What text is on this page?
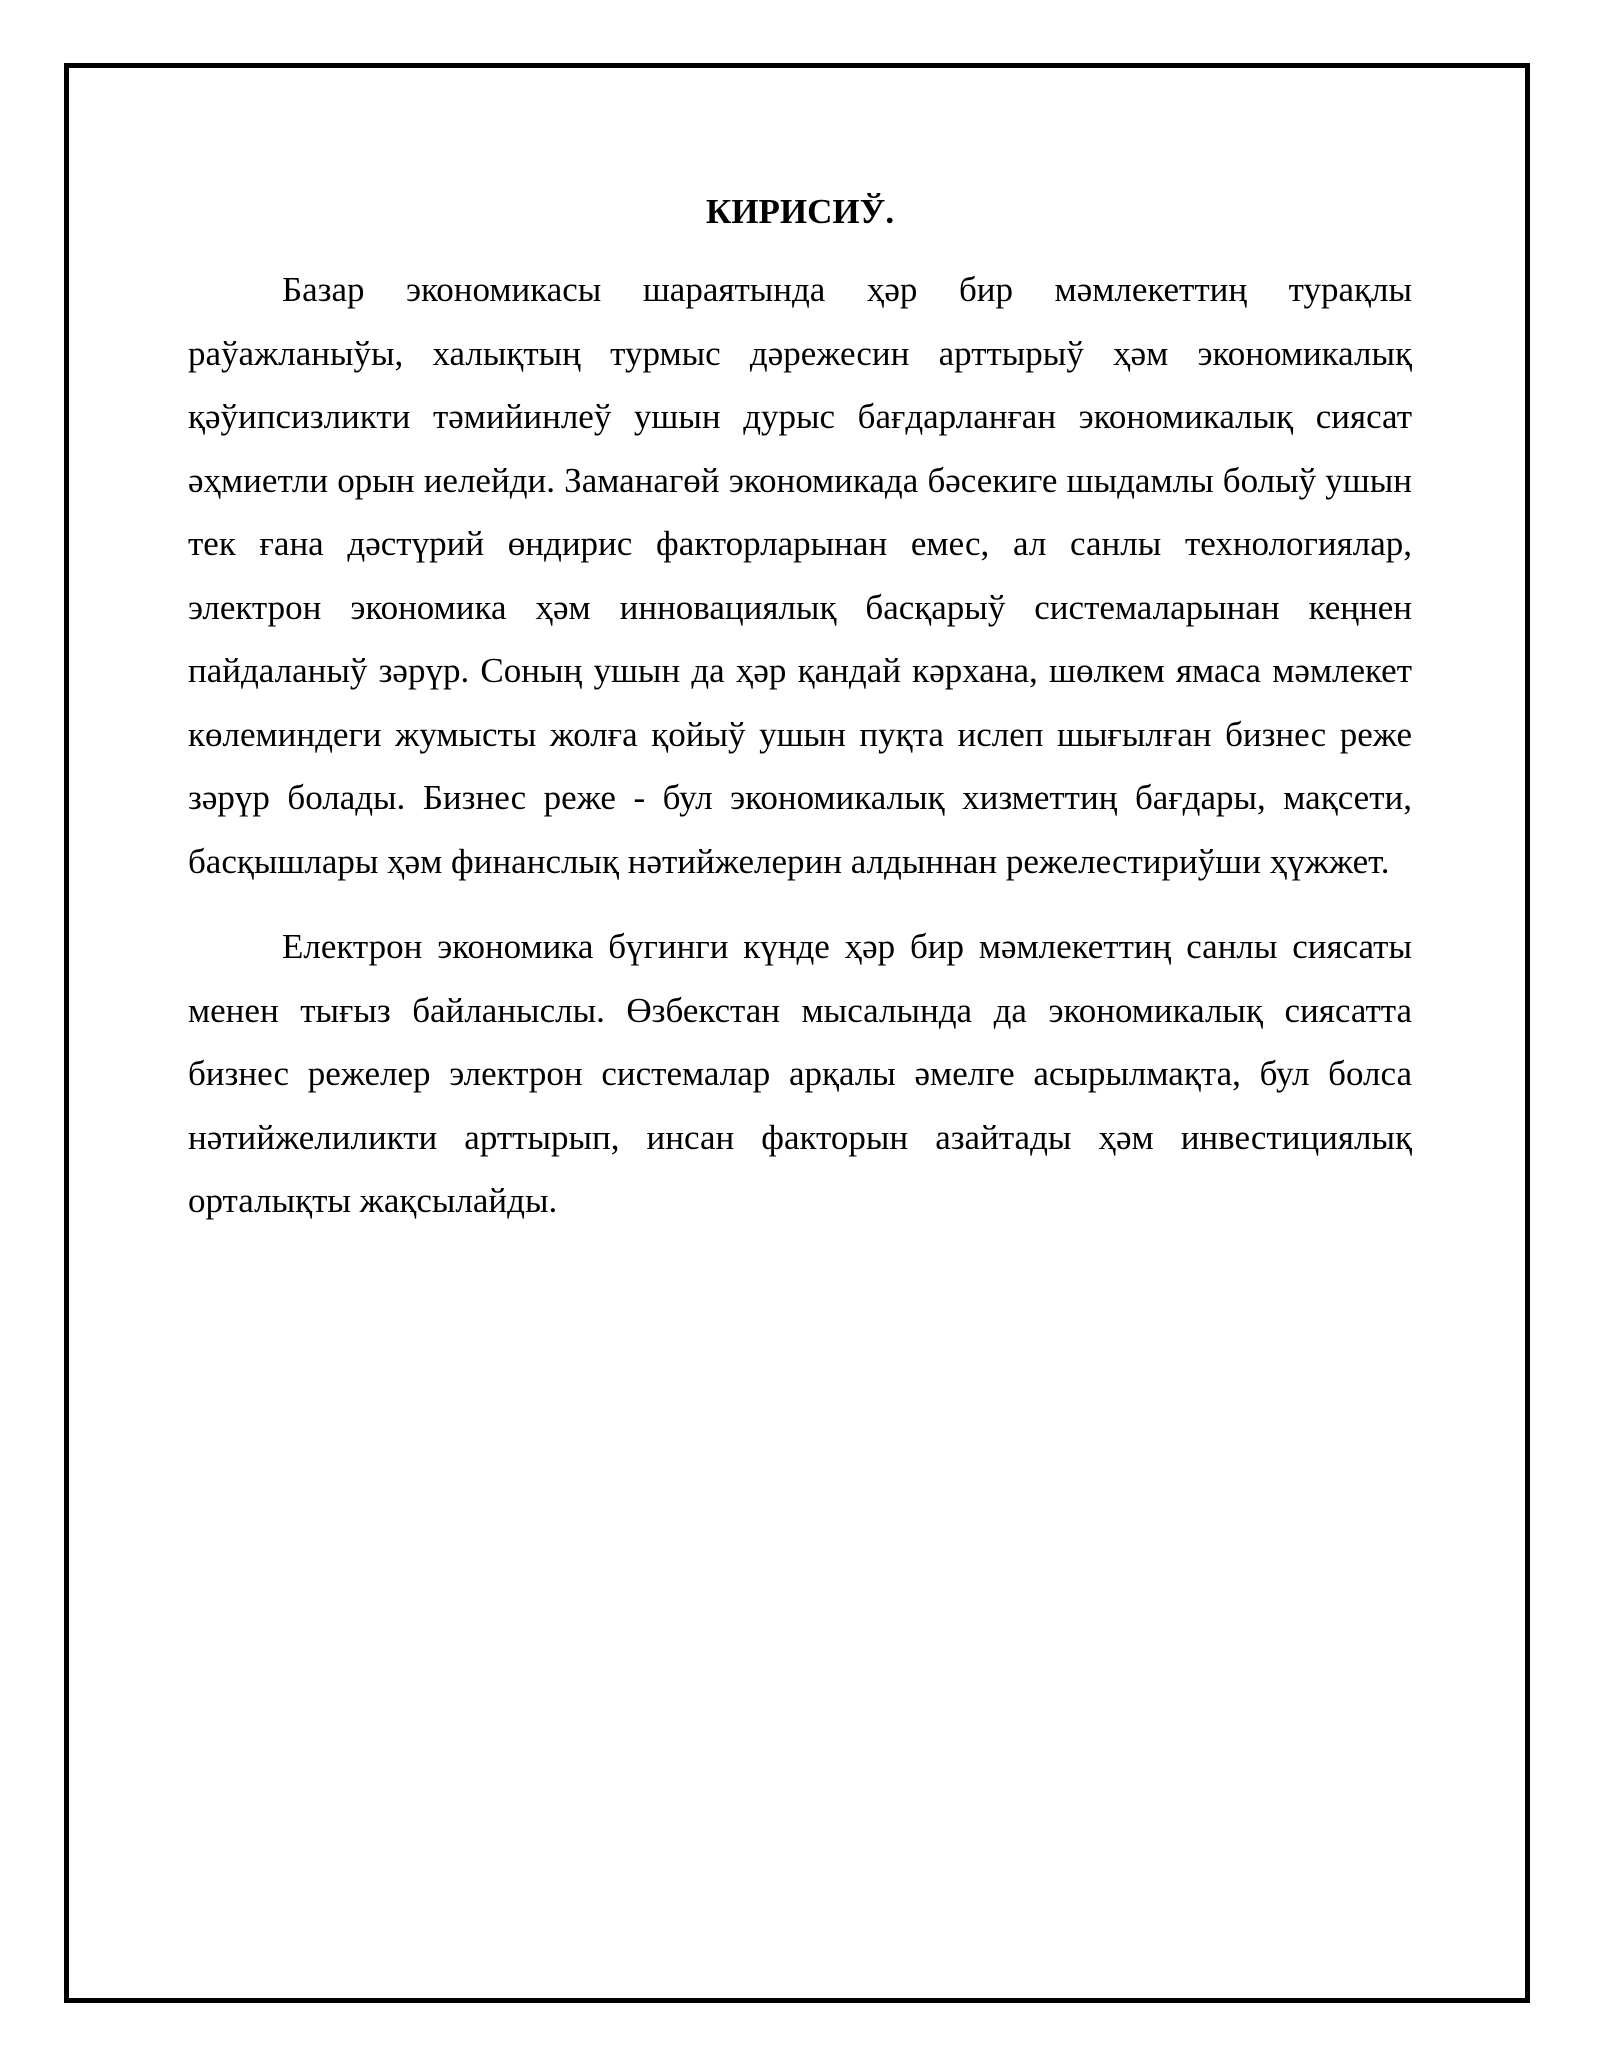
КИРИСИЎ.

Базар экономикасы шараятында ҳәр бир мәмлекеттиң турақлы раўажланыўы, халықтың турмыс дәрежесин арттырыў ҳәм экономикалық қәўипсизликти тәмийинлеў ушын дурыс бағдарланған экономикалық сиясат әҳмиетли орын иелейди. Заманагөй экономикада бәсекиге шыдамлы болыў ушын тек ғана дәстүрий өндирис факторларынан емес, ал санлы технологиялар, электрон экономика ҳәм инновациялық басқарыў системаларынан кеңнен пайдаланыў зәрүр. Соның ушын да ҳәр қандай кәрхана, шөлкем ямаса мәмлекет көлеминдеги жумысты жолға қойыў ушын пуқта ислеп шығылған бизнес реже зәрүр болады. Бизнес реже - бул экономикалық хизметтиң бағдары, мақсети, басқышлары ҳәм финанслық нәтийжелерин алдыннан режелестириўши ҳүжжет.

Електрон экономика бүгинги күнде ҳәр бир мәмлекеттиң санлы сиясаты менен тығыз байланыслы. Өзбекстан мысалында да экономикалық сиясатта бизнес режелер электрон системалар арқалы әмелге асырылмақта, бул болса нәтийжелиликти арттырып, инсан факторын азайтады ҳәм инвестициялық орталықты жақсылайды.
